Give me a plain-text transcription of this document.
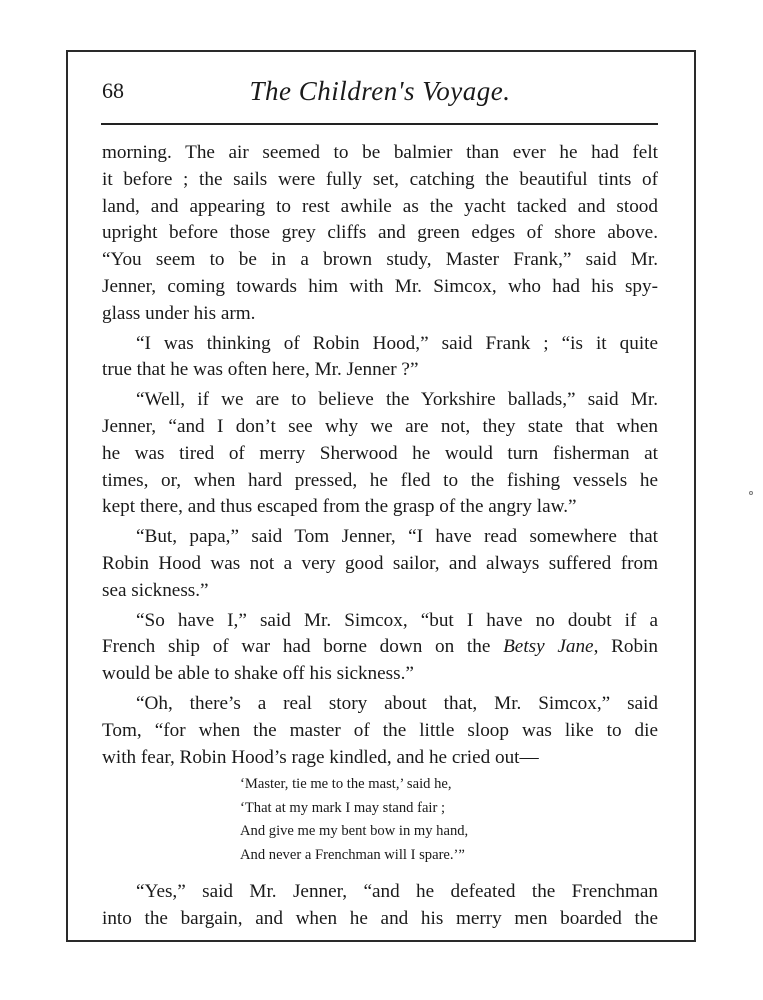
68	The Children's Voyage.
morning. The air seemed to be balmier than ever he had felt
it before ; the sails were fully set, catching the beautiful tints of
land, and appearing to rest awhile as the yacht tacked and stood
upright before those grey cliffs and green edges of shore above.
“You seem to be in a brown study, Master Frank,” said Mr.
Jenner, coming towards him with Mr. Simcox, who had his spy-
glass under his arm.
“I was thinking of Robin Hood,” said Frank ; “is it quite
true that he was often here, Mr. Jenner ?”
“Well, if we are to believe the Yorkshire ballads,” said Mr.
Jenner, “and I don’t see why we are not, they state that when
he was tired of merry Sherwood he would turn fisherman at
times, or, when hard pressed, he fled to the fishing vessels he
kept there, and thus escaped from the grasp of the angry law.”
“But, papa,” said Tom Jenner, “I have read somewhere that
Robin Hood was not a very good sailor, and always suffered from
sea sickness.”
“So have I,” said Mr. Simcox, “but I have no doubt if a
French ship of war had borne down on the Betsy Jane, Robin
would be able to shake off his sickness.”
“Oh, there’s a real story about that, Mr. Simcox,” said
Tom, “for when the master of the little sloop was like to die
with fear, Robin Hood’s rage kindled, and he cried out—
‘Master, tie me to the mast,’ said he,
‘That at my mark I may stand fair ;
And give me my bent bow in my hand,
And never a Frenchman will I spare.’”
“Yes,” said Mr. Jenner, “and he defeated the Frenchman
into the bargain, and when he and his merry men boarded the
